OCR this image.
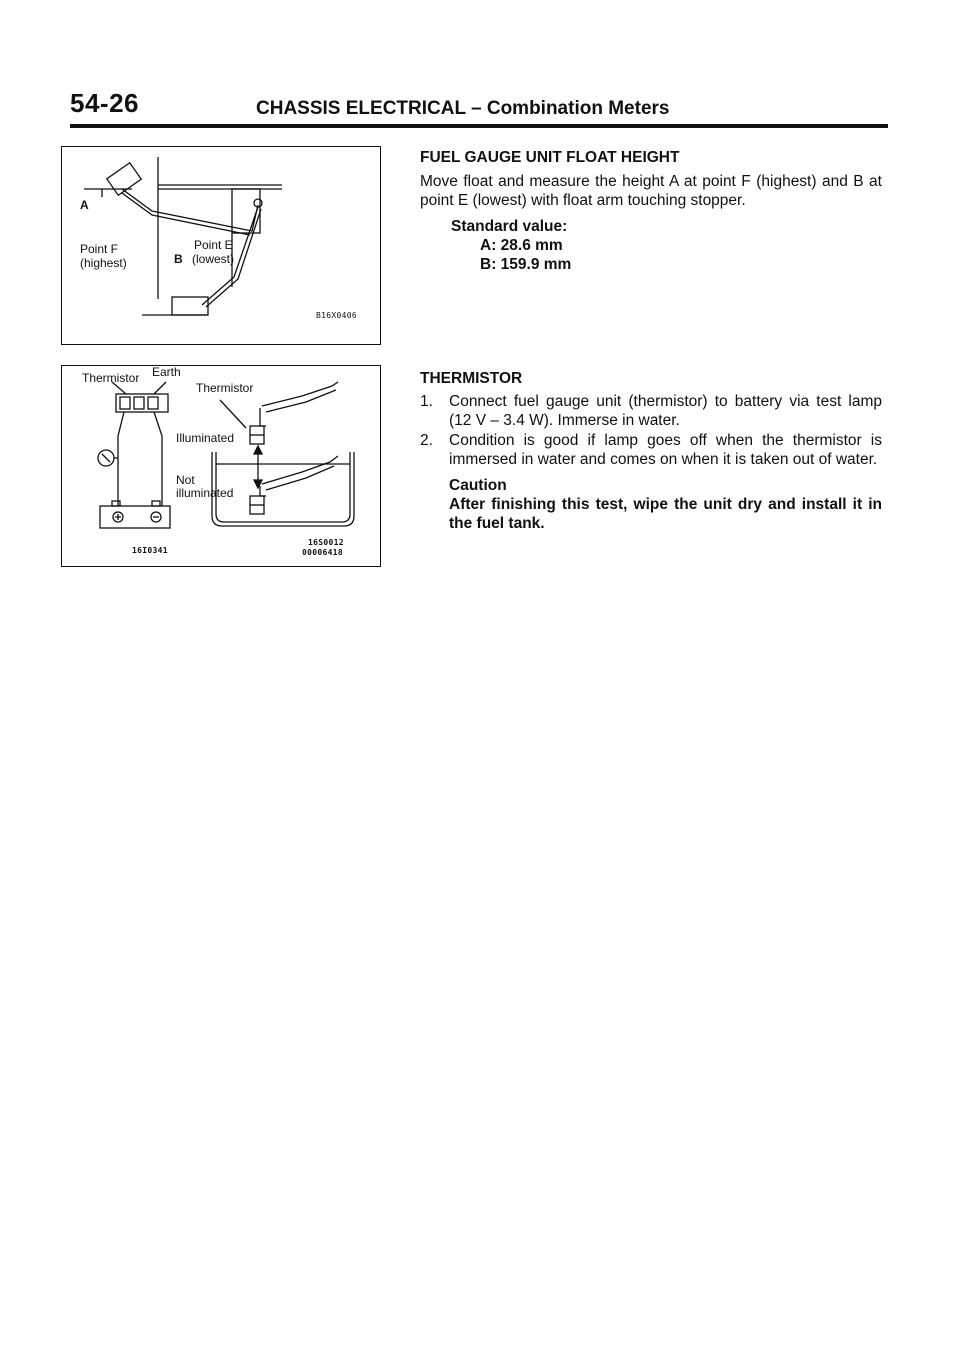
54-26	CHASSIS ELECTRICAL – Combination Meters
A
Point F
(highest)
Point E
B (lowest)
B16X0406
Thermistor Earth
Thermistor
Illuminated
Not
illuminated
16I0341
16S0012
00006418
FUEL GAUGE UNIT FLOAT HEIGHT
Move float and measure the height A at point F (highest) and B at point E (lowest) with float arm touching stopper.
Standard value:
A: 28.6 mm
B: 159.9 mm
THERMISTOR
1. Connect fuel gauge unit (thermistor) to battery via test lamp (12 V – 3.4 W). Immerse in water.
2. Condition is good if lamp goes off when the thermistor is immersed in water and comes on when it is taken out of water.
Caution
After finishing this test, wipe the unit dry and install it in the fuel tank.
